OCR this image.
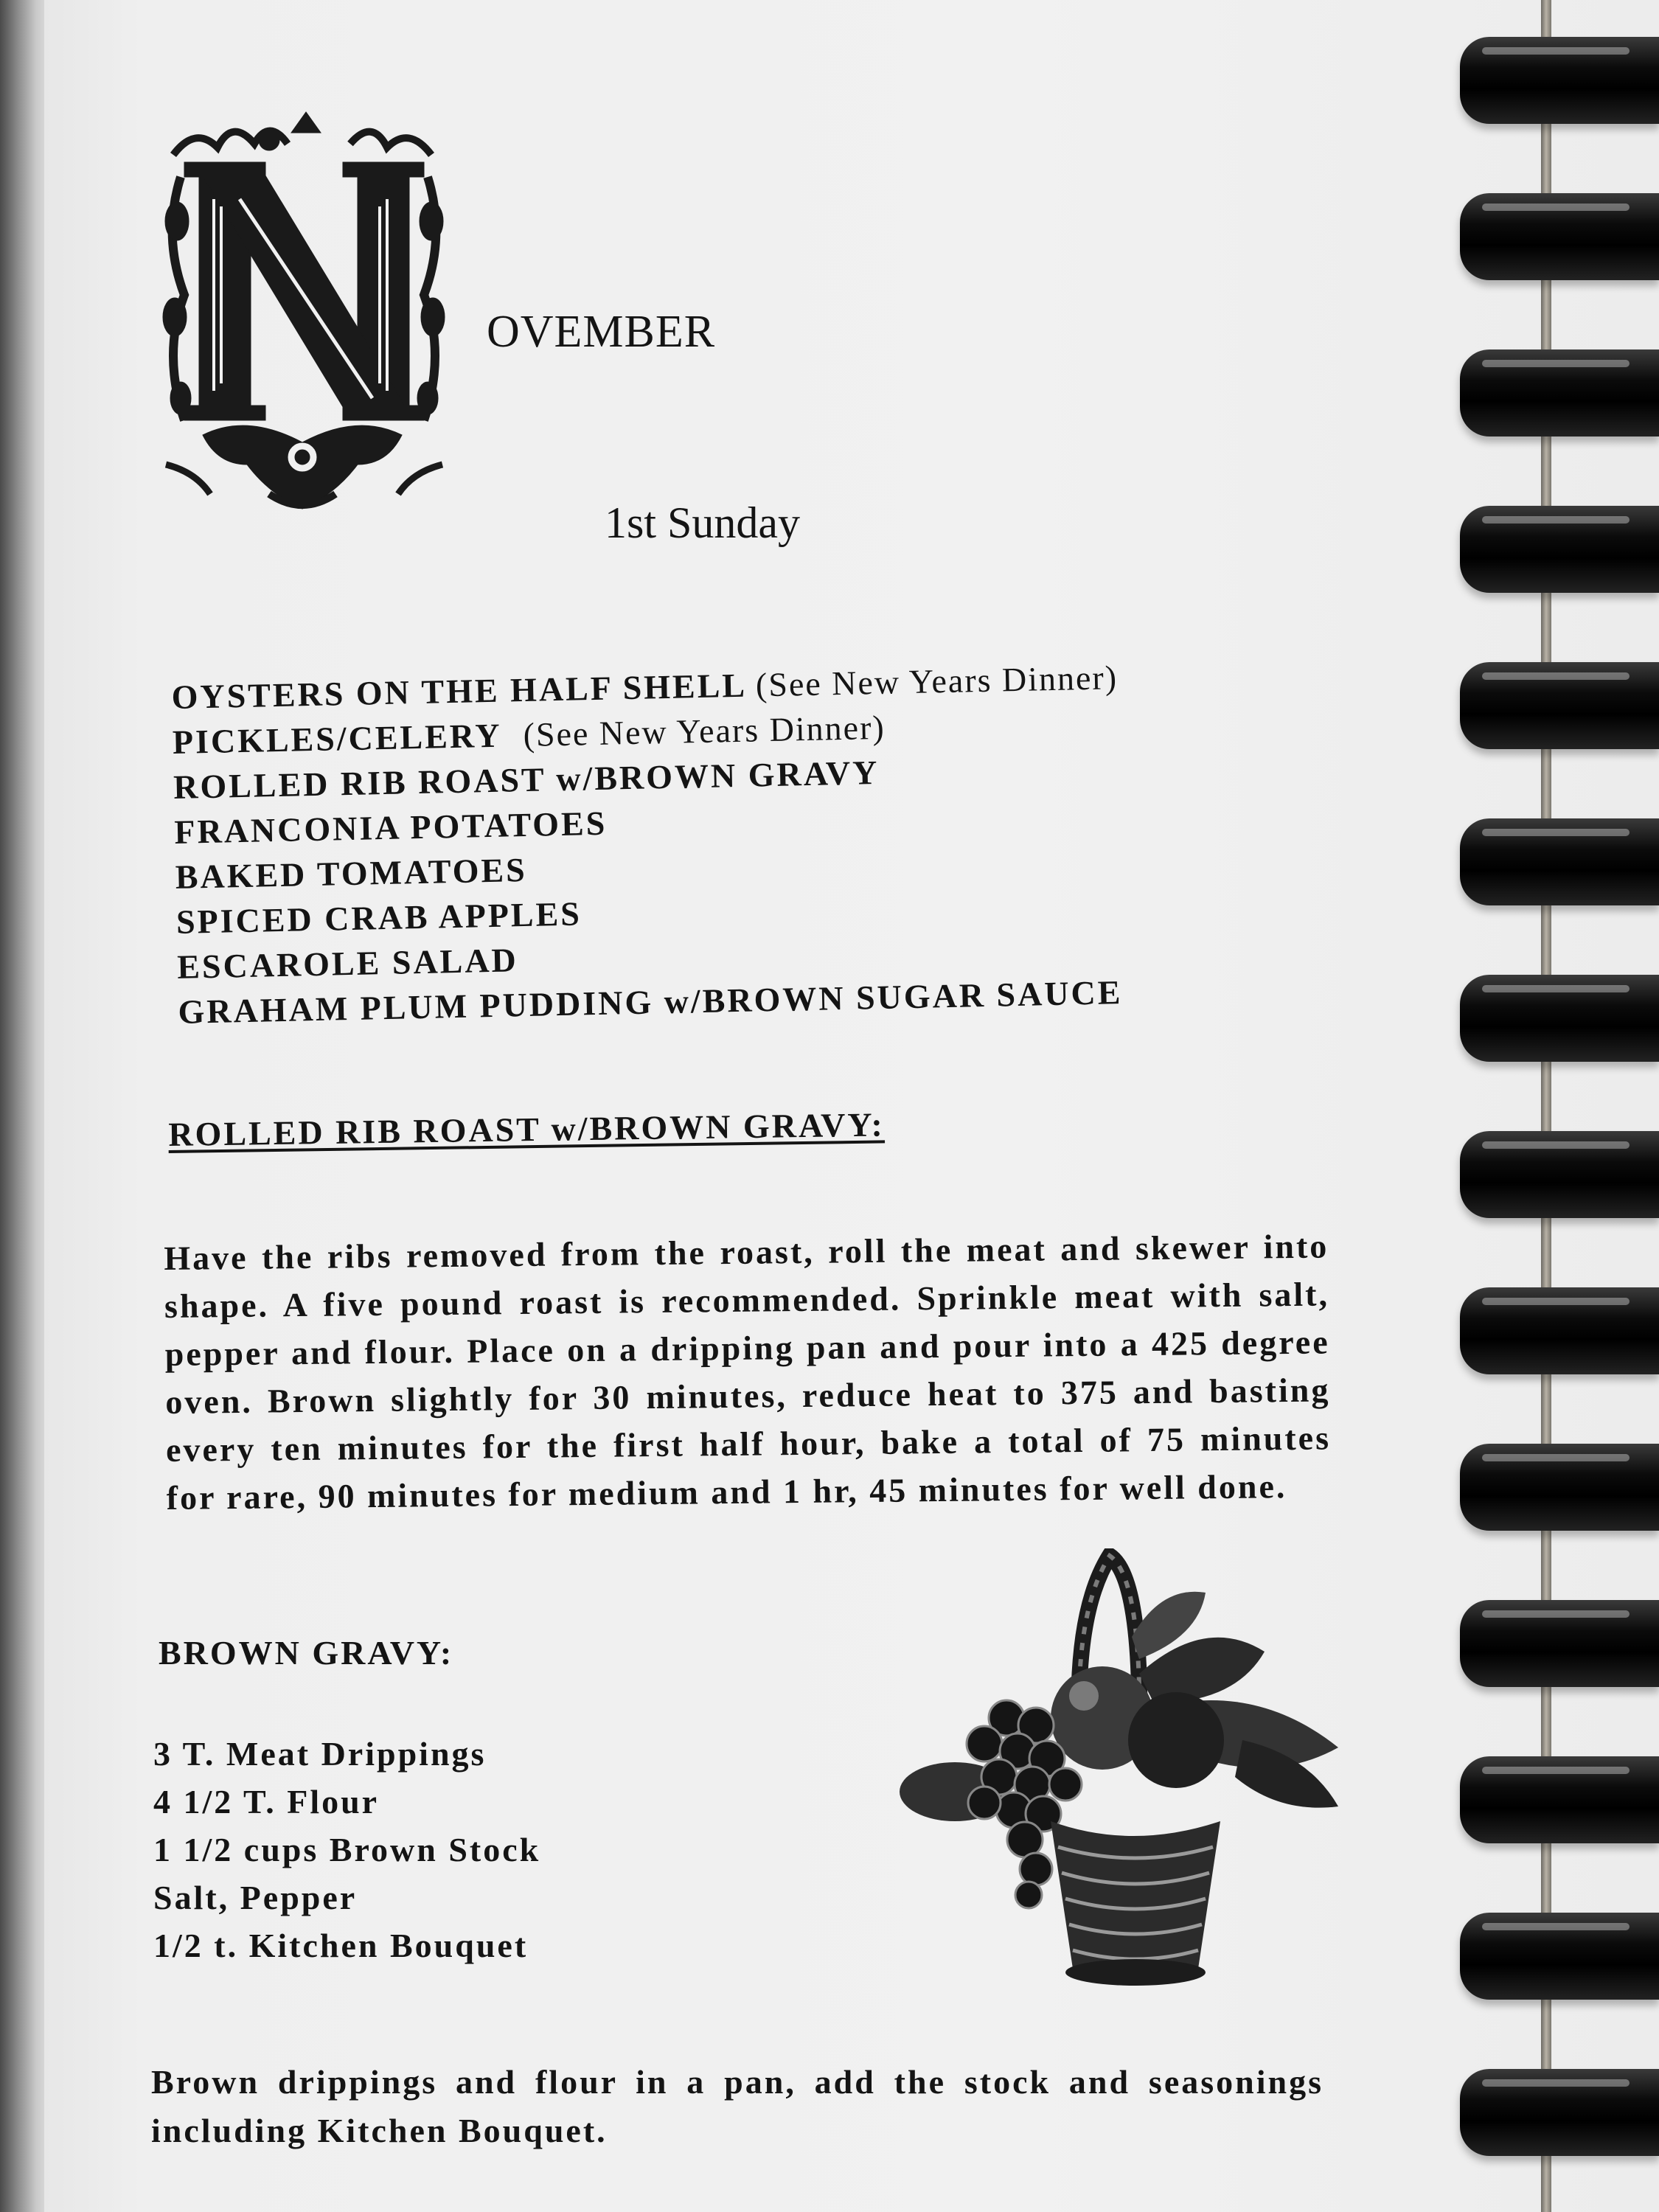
OVEMBER
1st Sunday
OYSTERS ON THE HALF SHELL (See New Years Dinner)
PICKLES/CELERY (See New Years Dinner)
ROLLED RIB ROAST w/BROWN GRAVY
FRANCONIA POTATOES
BAKED TOMATOES
SPICED CRAB APPLES
ESCAROLE SALAD
GRAHAM PLUM PUDDING w/BROWN SUGAR SAUCE
ROLLED RIB ROAST w/BROWN GRAVY:

Have the ribs removed from the roast, roll the meat and skewer into shape. A five pound roast is recommended. Sprinkle meat with salt, pepper and flour. Place on a dripping pan and pour into a 425 degree oven. Brown slightly for 30 minutes, reduce heat to 375 and basting every ten minutes for the first half hour, bake a total of 75 minutes for rare, 90 minutes for medium and 1 hr, 45 minutes for well done.

BROWN GRAVY:
3 T. Meat Drippings
4 1/2 T. Flour
1 1/2 cups Brown Stock
Salt, Pepper
1/2 t. Kitchen Bouquet

Brown drippings and flour in a pan, add the stock and seasonings including Kitchen Bouquet.
